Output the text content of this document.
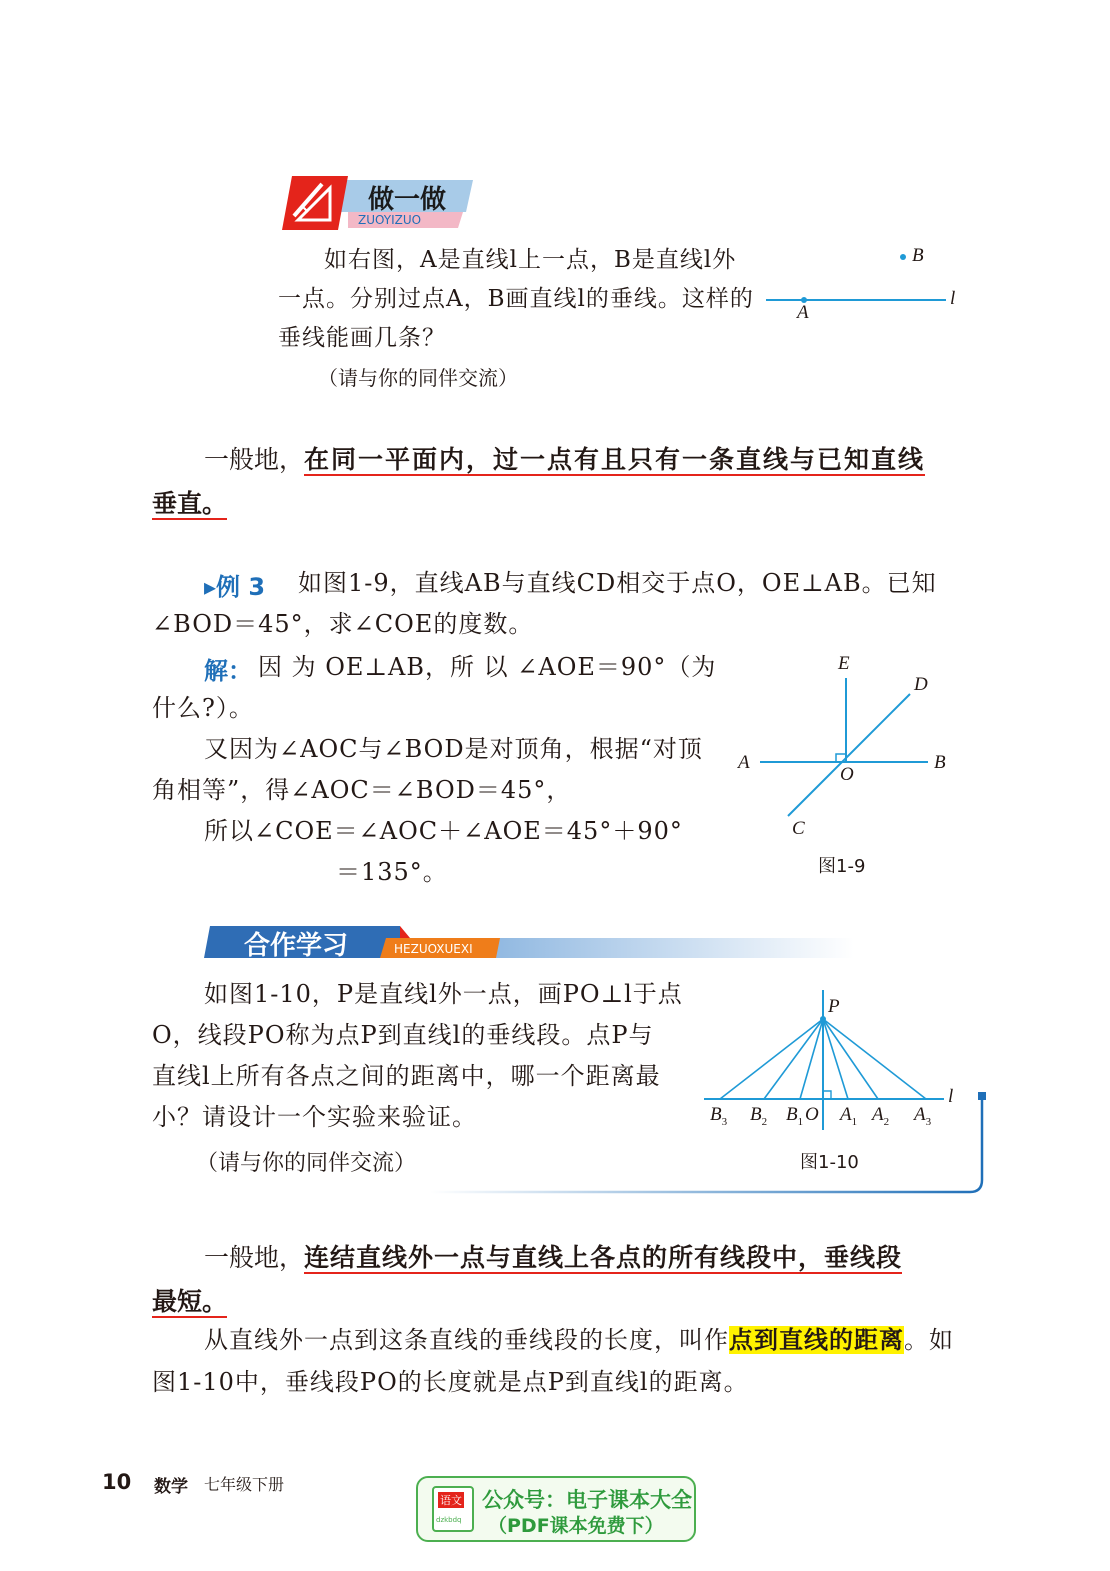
做一做
ZUOYIZUO
如右图，A是直线l上一点，B是直线l外
一点。分别过点A，B画直线l的垂线。这样的
垂线能画几条？
（请与你的同伴交流）
B
A
l
一般地，在同一平面内，过一点有且只有一条直线与已知直线
垂直。
▸例 3 如图1-9，直线AB与直线CD相交于点O，OE⊥AB。已知
∠BOD＝45°，求∠COE的度数。
解： 因 为 OE⊥AB，所 以 ∠AOE＝90°（为
什么?）。
又因为∠AOC与∠BOD是对顶角，根据“对顶
角相等”，得∠AOC＝∠BOD＝45°，
所以∠COE＝∠AOC＋∠AOE＝45°＋90°
＝135°。
E
D
A	B
O
C
图1-9
合作学习	HEZUOXUEXI
如图1-10，P是直线l外一点，画PO⊥l于点
O，线段PO称为点P到直线l的垂线段。点P与
直线l上所有各点之间的距离中，哪一个距离最
小？请设计一个实验来验证。
（请与你的同伴交流）
P
l
$B_3$ $B_2$ $B_1$ O $A_1$ $A_2$ $A_3$
图1-10
一般地，连结直线外一点与直线上各点的所有线段中，垂线段
最短。
从直线外一点到这条直线的垂线段的长度，叫作点到直线的距离。如
图1-10中，垂线段PO的长度就是点P到直线l的距离。
10 数学 七年级下册
语文
dzkbdq
公众号：电子课本大全
（PDF课本免费下）
